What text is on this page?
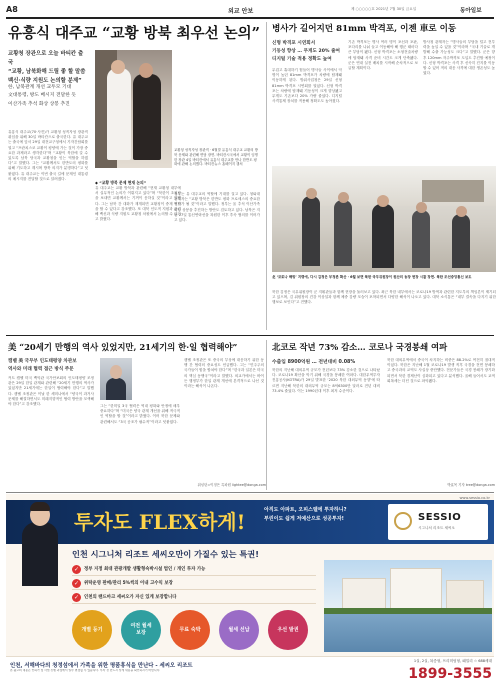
A8	외교 안보	제 ○○○○○호 2021년 7월 30일 금요일	동아일보
유흥식 대주교 “교황 방북 최우선 논의”
교황청 장관으로 오늘 바티칸 출국
“교황, 남북화해 드릴 좋 할 말씀
백신·식량 지원도 논의할 분제”
한, 남북관계 개선 교두모 기대
文대통령, 방도 베시지 전달한 듯
이산가족 추석 화상 상봉 추진
교황청 성직자성 장관직 · 6월말 유흥식 대주교 교황의 방북 문제와 관련해 면담 장면. 바티칸시국에서 교황이 임명한 장관 4일 바티칸에서 유흥식 대주교를 만나 한반도 평화에 관해 논의했다. 바티칸뉴스 홈페이지 캡처
유흥식 대주교(70·사진)가 교황청 성직자성 장관직 취임을 위해 30일 바티칸으로 출국한다. 유 대주교는 출국에 앞서 29일 대전교구청에서 기자간담회를 열고 “프란치스코 교황이 평양에 가는 것이 가장 중요한 과제라고 생각한다”며 “교황이 북한에 갈 수 있도록 남북 당국과 교황청을 잇는 역할을 하겠다”고 말했다. 그는 “교황께서도 한반도의 평화를 위해 기도하고 계시며 방북 의지가 분명하다”고 덧붙였다. 유 대주교는 이번 출국 길에 문재인 대통령의 메시지를 전달할 것으로 알려졌다.
◆ “교황 방북 문제 현재 논의”
유 대주교는 교황 방북과 관련해 “현재 교황청 내부에서 실무적인 논의가 이뤄지고 있다”며 “북한이 초청장을 보내면 교황께서는 기꺼이 응하실 것”이라고 말했다. 그는 남북 간 대화가 재개되면 교황청이 중재 역할을 할 수 있다고 강조했다. 또 대북 인도적 지원과 관련해 백신과 식량 지원도 교황청 차원에서 논의할 수 있다고 밝혔다.
정부는 유 대주교의 역할에 기대를 걸고 있다. 청와대 관계자는 “교황 방북은 한반도 평화 프로세스의 중요한 전기가 될 것”이라고 말했다. 정부는 올 추석 이산가족 화상 상봉을 추진하는 방안도 검토하고 있다. 남북은 지난 27일 통신연락선을 복원한 이후 후속 협의를 이어가고 있다.
병사가 길어지던 81mm 박격포, 이젠 車로 이동
신형 박격포 시연회서
기동성 향상 … 무게도 20% 줄여
디지털 기술 적용 정확도 높여
무겁고 휴대하기 힘들어 병사들 사이에서 악명이 높던 81mm 박격포가 차량에 탑재돼 이동하게 된다. 방위사업청은 29일 신형 81mm 박격포 시연회를 열었다. 신형 박격포는 차량에 탑재돼 기동성이 크게 향상됐고 무게도 기존보다 20% 가량 줄었다. 디지털 사격통제 장치를 적용해 정확도도 높아졌다.
기존 박격포는 병사 여러 명이 포신과 포판, 포다리를 나눠 들고 이동해야 해 행군 때마다 큰 부담이 됐다. 신형 박격포는 소형전술차량에 탑재돼 사격 준비 시간도 크게 단축됐다. 군은 연내 실전 배치를 시작해 순차적으로 보급할 계획이다.
방사청 관계자는 “병사들의 부담을 덜고 전투력을 높일 수 있을 것”이라며 “국내 기술로 개발해 수출 가능성도 크다”고 말했다. 군은 향후 120mm 자주박격포 도입도 추진할 예정이다. 신형 박격포는 사격 후 신속히 진지를 이동할 수 있어 적의 대응 사격에 대한 생존성도 높였다.
北 ‘코로나 해빙’ 지령에, 다시 김정은 부정론 확산 · 6월 보면 북한 국무위원장이 원산의 농장 현장 시찰 장면. 북한 조선중앙통신 보도
북한 김정은 국무위원장이 군 지휘관들과 함께 현장을 둘러보고 있다. 최근 북한 내부에서는 코로나19 방역과 관련한 지도부의 책임론이 제기되고 있으며, 김 위원장의 건강 이상설과 함께 체중 감량 모습이 포착되면서 다양한 해석이 나오고 있다. 대북 소식통은 “내부 결속을 다지기 위한 행보로 보인다”고 전했다.
美 “20세기 만행의 역사 있었지만, 21세기의 한·일 협력해야”
캠벨 美 국무부 인도태평양 차관보
역사와 미래 협력 접근 방식 주문
커트 캠벨 미국 백악관 국가안보회의 인도태평양 조정관은 29일 한일 관계와 관련해 “20세기 만행의 역사가 있었지만 21세기에는 한일이 협력해야 한다”고 말했다. 캠벨 조정관은 이날 한 세미나에서 “양국이 과거사 문제를 해결하면서도 미래지향적인 협력 방안을 모색해야 한다”고 강조했다.	그는 “한미일 3국 협력은 역내 평화와 안정에 매우 중요하다”며 “미국은 양국 관계 개선을 위해 적극적인 역할을 할 것”이라고 밝혔다. 이어 북한 문제와 관련해서도 “3국 공조가 필수적”이라고 덧붙였다.
캠벨 조정관은 또 중국의 부상에 대응하기 위한 동맹 간 협력의 중요성도 언급했다. 그는 “민주주의 국가들이 힘을 합쳐야 한다”며 “한국과 일본은 미국의 핵심 동맹국”이라고 말했다. 외교가에서는 바이든 행정부가 한일 관계 개선에 본격적으로 나선 것이라는 해석이 나온다.
워싱턴=이정은 특파원 lightee@donga.com
北코로 작년 73% 감소… 코로나 국경봉쇄 여파
수출입 8900억원 … 전년대비 0.08%
북한의 지난해 대외무역 규모가 전년보다 73% 감소한 것으로 나타났다. 코로나19 확산을 막기 위해 국경을 봉쇄한 여파다. 대한무역투자진흥공사(KOTRA)가 29일 발표한 ‘2020 북한 대외무역 동향’에 따르면 지난해 북한의 대외무역 규모는 8억6300만 달러로 전년 대비 73.4% 줄었다. 이는 1990년대 이후 최저 수준이다.
북한 대외무역에서 중국이 차지하는 비중은 88.2%로 여전히 절대적이었다. 북한은 지난해 1월 코로나19 발생 직후 국경을 전면 봉쇄하고 중국과의 교역도 사실상 중단했다. 전문가들은 국경 봉쇄가 장기화되면서 북한 경제난이 심화되고 있다고 분석했다. 올해 들어서도 교역 회복세는 더딘 것으로 파악됐다.
박효목 기자 tree@donga.com
www.sessio.co.kr
투자도 FLEX하게!	아직도 아파트, 오피스텔에 투자하니?
부린이도 쉽게 저예산으로 성공투자!	SESSIO
시그니처 리조트 세씨오
인천 시그니처 리조트 세씨오만이 가질수 있는 특권!
✓	정부 지정 최대 관광개발 생활형숙박시설 법인 / 개인 투자 가능
✓	위탁운영 판매/관리 5%씩의 이내 고수익 보장
✓	인천의 랜드마크 세씨오가 자신 있게 보장합니다
개별 등기
여전 월세 보장
무료 숙박	월세 선납	우선 발권
인천, 서해바다의 청정섬에서 가족을 위한 명품휴식을 만난다 - 세씨오 리조트
본 광고의 내용은 인허가 및 사업 진행 과정에서 일부 변경될 수 있습니다. 투자 전 반드시 상세 내용을 확인하시기 바랍니다.
1실, 2실, 복층형, 프리미엄형, 패밀리 ☆ 688세대
1899-3555
